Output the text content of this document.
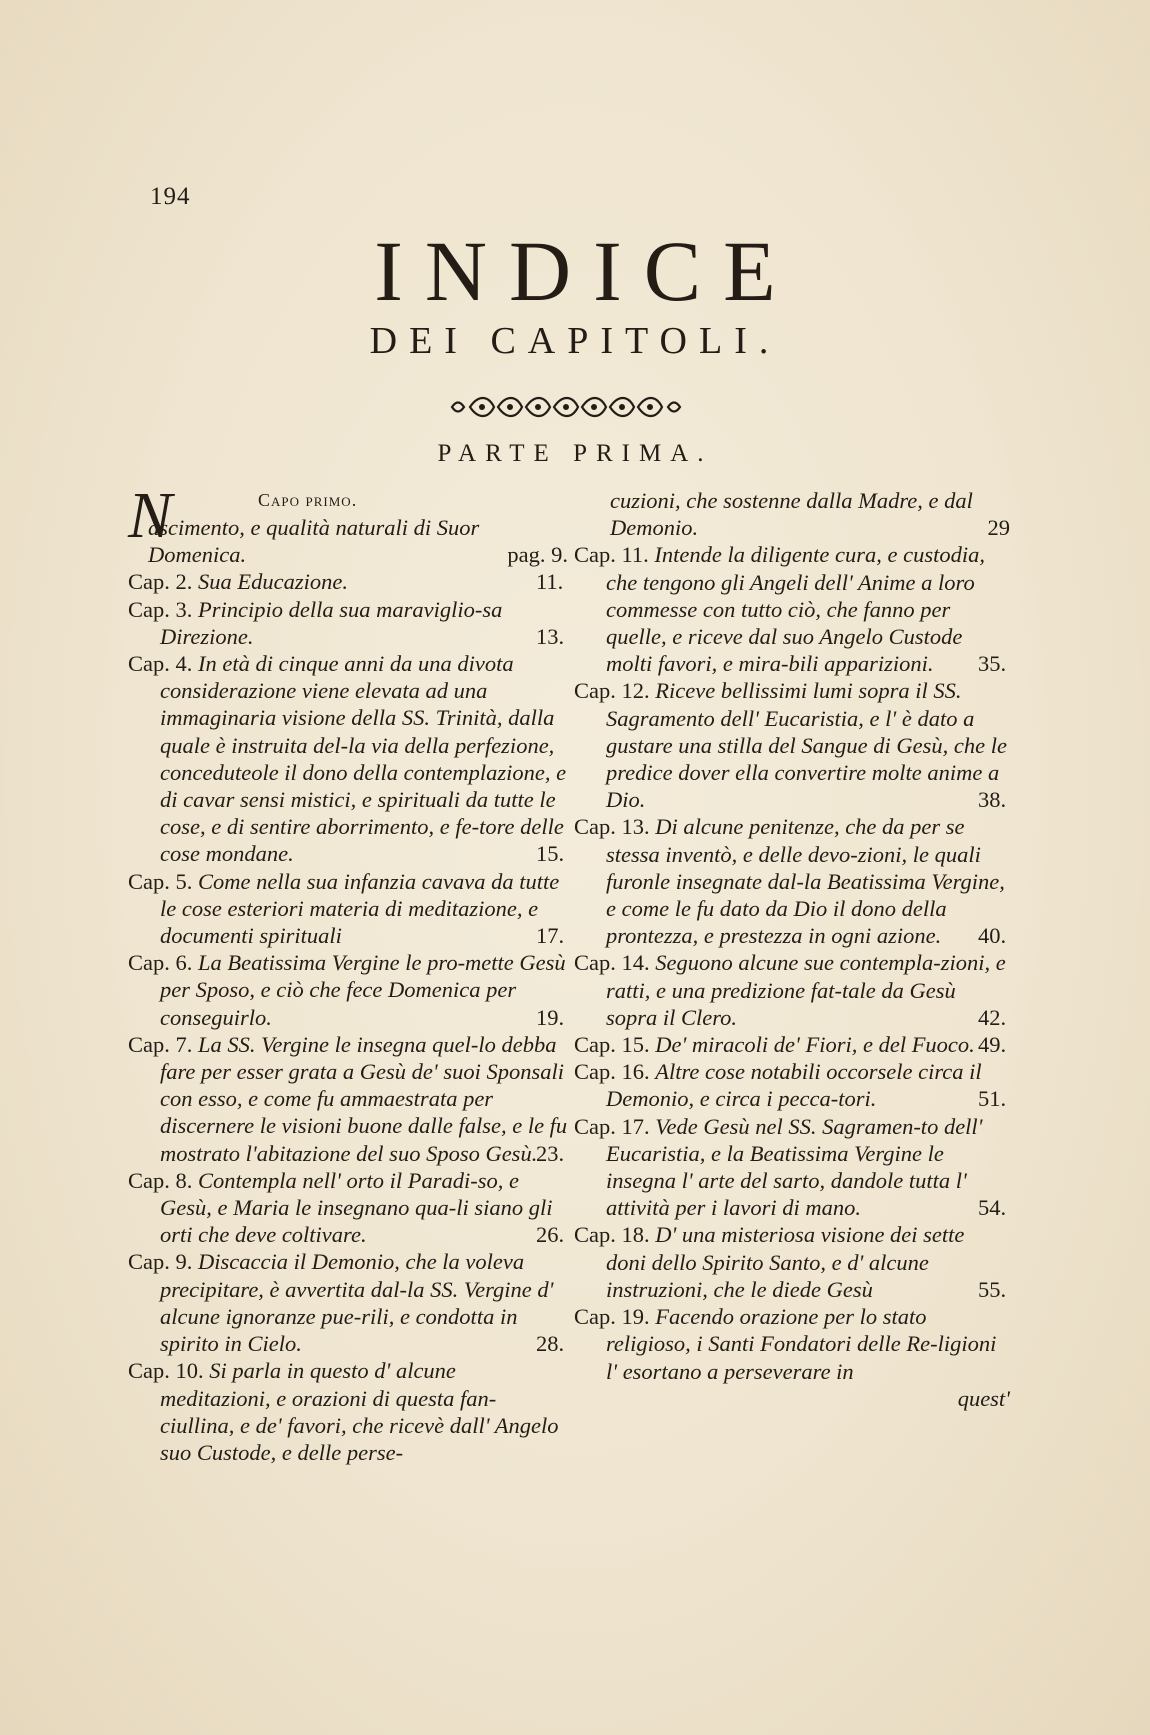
194
INDICE
DEI CAPITOLI.
PARTE PRIMA.
Capo primo.
N
ascimento, e qualità naturali di Suor Domenica.	pag. 9.
Cap. 2. Sua Educazione.	11.
Cap. 3. Principio della sua maraviglio-sa Direzione.	13.
Cap. 4. In età di cinque anni da una divota considerazione viene elevata ad una immaginaria visione della SS. Trinità, dalla quale è instruita del-la via della perfezione, conceduteole il dono della contemplazione, e di cavar sensi mistici, e spirituali da tutte le cose, e di sentire aborrimento, e fe-tore delle cose mondane.	15.
Cap. 5. Come nella sua infanzia cavava da tutte le cose esteriori materia di meditazione, e documenti spirituali	17.
Cap. 6. La Beatissima Vergine le pro-mette Gesù per Sposo, e ciò che fece Domenica per conseguirlo.	19.
Cap. 7. La SS. Vergine le insegna quel-lo debba fare per esser grata a Gesù de' suoi Sponsali con esso, e come fu ammaestrata per discernere le visioni buone dalle false, e le fu mostrato l'abitazione del suo Sposo Gesù.
23.
Cap. 8. Contempla nell' orto il Paradi-so, e Gesù, e Maria le insegnano qua-li siano gli orti che deve coltivare.	26.
Cap. 9. Discaccia il Demonio, che la voleva precipitare, è avvertita dal-la SS. Vergine d' alcune ignoranze pue-rili, e condotta in spirito in Cielo.	28.
Cap. 10. Si parla in questo d' alcune meditazioni, e orazioni di questa fan-ciullina, e de' favori, che ricevè dall' Angelo suo Custode, e delle perse-
cuzioni, che sostenne dalla Madre, e dal Demonio.	29
Cap. 11. Intende la diligente cura, e custodia, che tengono gli Angeli dell' Anime a loro commesse con tutto ciò, che fanno per quelle, e riceve dal suo Angelo Custode molti favori, e mira-bili apparizioni. 35.
Cap. 12. Riceve bellissimi lumi sopra il SS. Sagramento dell' Eucaristia, e l' è dato a gustare una stilla del Sangue di Gesù, che le predice dover ella convertire molte anime a Dio.	38.
Cap. 13. Di alcune penitenze, che da per se stessa inventò, e delle devo-zioni, le quali furonle insegnate dal-la Beatissima Vergine, e come le fu dato da Dio il dono della prontezza, e prestezza in ogni azione. 40.
Cap. 14. Seguono alcune sue contempla-zioni, e ratti, e una predizione fat-tale da Gesù sopra il Clero.	42.
Cap. 15. De' miracoli de' Fiori, e del Fuoco. 49.
Cap. 16. Altre cose notabili occorsele circa il Demonio, e circa i pecca-tori.	51.
Cap. 17. Vede Gesù nel SS. Sagramen-to dell' Eucaristia, e la Beatissima Vergine le insegna l' arte del sarto, dandole tutta l' attività per i lavori di mano.	54.
Cap. 18. D' una misteriosa visione dei sette doni dello Spirito Santo, e d' alcune instruzioni, che le diede Gesù	55.
Cap. 19. Facendo orazione per lo stato religioso, i Santi Fondatori delle Re-ligioni l' esortano a perseverare in
quest'
